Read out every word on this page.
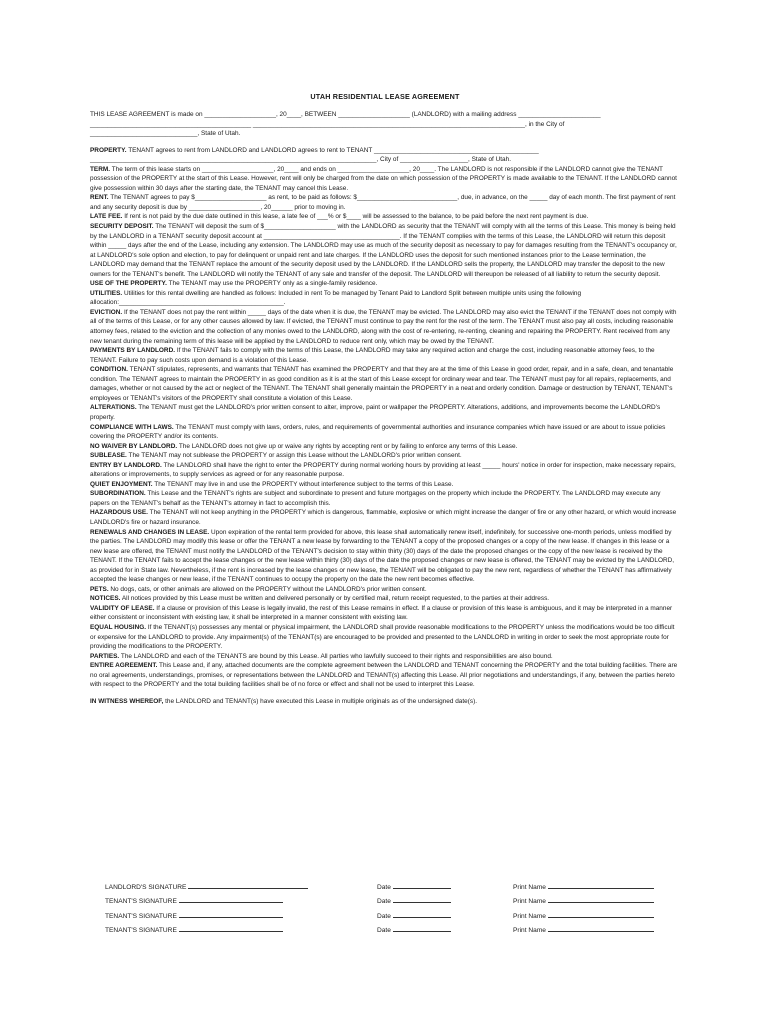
UTAH RESIDENTIAL LEASE AGREEMENT

THIS LEASE AGREEMENT is made on ____________________, 20____, BETWEEN ____________________ (LANDLORD) with a mailing address _______________________

_____________________________________________ ____________________________________________________________________________, in the City of

______________________________, State of Utah.

PROPERTY. TENANT agrees to rent from LANDLORD and LANDLORD agrees to rent to TENANT ______________________________________________ ________________________________________________________________________________, City of ___________________, State of Utah.

TERM. The term of this lease starts on ____________________, 20____ and ends on ____________________, 20____. The LANDLORD is not responsible if the LANDLORD cannot give the TENANT possession of the PROPERTY at the start of this Lease. However, rent will only be charged from the date on which possession of the PROPERTY is made available to the TENANT. If the LANDLORD cannot give possession within 30 days after the starting date, the TENANT may cancel this Lease.

RENT. The TENANT agrees to pay $____________________ as rent, to be paid as follows: $____________________________, due, in advance, on the _____ day of each month. The first payment of rent and any security deposit is due by ____________________, 20______ prior to moving in.

LATE FEE. If rent is not paid by the due date outlined in this lease, a late fee of ___% or $____ will be assessed to the balance, to be paid before the next rent payment is due.

SECURITY DEPOSIT. The TENANT will deposit the sum of $____________________ with the LANDLORD as security that the TENANT will comply with all the terms of this Lease. This money is being held by the LANDLORD in a TENANT security deposit account at ______________________________________. If the TENANT complies with the terms of this Lease, the LANDLORD will return this deposit within _____ days after the end of the Lease, including any extension. The LANDLORD may use as much of the security deposit as necessary to pay for damages resulting from the TENANT's occupancy or, at LANDLORD's sole option and election, to pay for delinquent or unpaid rent and late charges. If the LANDLORD uses the deposit for such mentioned instances prior to the Lease termination, the LANDLORD may demand that the TENANT replace the amount of the security deposit used by the LANDLORD. If the LANDLORD sells the property, the LANDLORD may transfer the deposit to the new owners for the TENANT's benefit. The LANDLORD will notify the TENANT of any sale and transfer of the deposit. The LANDLORD will thereupon be released of all liability to return the security deposit.

USE OF THE PROPERTY. The TENANT may use the PROPERTY only as a single-family residence.

UTILITIES. Utilities for this rental dwelling are handled as follows: Included in rent To be managed by Tenant Paid to Landlord Split between multiple units using the following allocation:______________________________________________.

EVICTION. If the TENANT does not pay the rent within _____ days of the date when it is due, the TENANT may be evicted. The LANDLORD may also evict the TENANT if the TENANT does not comply with all of the terms of this Lease, or for any other causes allowed by law. If evicted, the TENANT must continue to pay the rent for the rest of the term. The TENANT must also pay all costs, including reasonable attorney fees, related to the eviction and the collection of any monies owed to the LANDLORD, along with the cost of re-entering, re-renting, cleaning and repairing the PROPERTY. Rent received from any new tenant during the remaining term of this lease will be applied by the LANDLORD to reduce rent only, which may be owed by the TENANT.

PAYMENTS BY LANDLORD. If the TENANT fails to comply with the terms of this Lease, the LANDLORD may take any required action and charge the cost, including reasonable attorney fees, to the TENANT. Failure to pay such costs upon demand is a violation of this Lease.

CONDITION. TENANT stipulates, represents, and warrants that TENANT has examined the PROPERTY and that they are at the time of this Lease in good order, repair, and in a safe, clean, and tenantable condition. The TENANT agrees to maintain the PROPERTY in as good condition as it is at the start of this Lease except for ordinary wear and tear. The TENANT must pay for all repairs, replacements, and damages, whether or not caused by the act or neglect of the TENANT. The TENANT shall generally maintain the PROPERTY in a neat and orderly condition. Damage or destruction by TENANT, TENANT's employees or TENANT's visitors of the PROPERTY shall constitute a violation of this Lease.

ALTERATIONS. The TENANT must get the LANDLORD's prior written consent to alter, improve, paint or wallpaper the PROPERTY. Alterations, additions, and improvements become the LANDLORD's property.

COMPLIANCE WITH LAWS. The TENANT must comply with laws, orders, rules, and requirements of governmental authorities and insurance companies which have issued or are about to issue policies covering the PROPERTY and/or its contents.

NO WAIVER BY LANDLORD. The LANDLORD does not give up or waive any rights by accepting rent or by failing to enforce any terms of this Lease.

SUBLEASE. The TENANT may not sublease the PROPERTY or assign this Lease without the LANDLORD's prior written consent.

ENTRY BY LANDLORD. The LANDLORD shall have the right to enter the PROPERTY during normal working hours by providing at least _____ hours' notice in order for inspection, make necessary repairs, alterations or improvements, to supply services as agreed or for any reasonable purpose.

QUIET ENJOYMENT. The TENANT may live in and use the PROPERTY without interference subject to the terms of this Lease.

SUBORDINATION. This Lease and the TENANT's rights are subject and subordinate to present and future mortgages on the property which include the PROPERTY. The LANDLORD may execute any papers on the TENANT's behalf as the TENANT's attorney in fact to accomplish this.

HAZARDOUS USE. The TENANT will not keep anything in the PROPERTY which is dangerous, flammable, explosive or which might increase the danger of fire or any other hazard, or which would increase LANDLORD's fire or hazard insurance.

RENEWALS AND CHANGES IN LEASE. Upon expiration of the rental term provided for above, this lease shall automatically renew itself, indefinitely, for successive one-month periods, unless modified by the parties. The LANDLORD may modify this lease or offer the TENANT a new lease by forwarding to the TENANT a copy of the proposed changes or a copy of the new lease. If changes in this lease or a new lease are offered, the TENANT must notify the LANDLORD of the TENANT's decision to stay within thirty (30) days of the date the proposed changes or the copy of the new lease is received by the TENANT. If the TENANT fails to accept the lease changes or the new lease within thirty (30) days of the date the proposed changes or new lease is offered, the TENANT may be evicted by the LANDLORD, as provided for in State law. Nevertheless, if the rent is increased by the lease changes or new lease, the TENANT will be obligated to pay the new rent, regardless of whether the TENANT has affirmatively accepted the lease changes or new lease, if the TENANT continues to occupy the property on the date the new rent becomes effective.

PETS. No dogs, cats, or other animals are allowed on the PROPERTY without the LANDLORD's prior written consent.

NOTICES. All notices provided by this Lease must be written and delivered personally or by certified mail, return receipt requested, to the parties at their address.

VALIDITY OF LEASE. If a clause or provision of this Lease is legally invalid, the rest of this Lease remains in effect. If a clause or provision of this lease is ambiguous, and it may be interpreted in a manner either consistent or inconsistent with existing law, it shall be interpreted in a manner consistent with existing law.

EQUAL HOUSING. If the TENANT(s) possesses any mental or physical impairment, the LANDLORD shall provide reasonable modifications to the PROPERTY unless the modifications would be too difficult or expensive for the LANDLORD to provide. Any impairment(s) of the TENANT(s) are encouraged to be provided and presented to the LANDLORD in writing in order to seek the most appropriate route for providing the modifications to the PROPERTY.

PARTIES. The LANDLORD and each of the TENANTS are bound by this Lease. All parties who lawfully succeed to their rights and responsibilities are also bound.

ENTIRE AGREEMENT. This Lease and, if any, attached documents are the complete agreement between the LANDLORD and TENANT concerning the PROPERTY and the total building facilities. There are no oral agreements, understandings, promises, or representations between the LANDLORD and TENANT(s) affecting this Lease. All prior negotiations and understandings, if any, between the parties hereto with respect to the PROPERTY and the total building facilities shall be of no force or effect and shall not be used to interpret this Lease.

IN WITNESS WHEREOF, the LANDLORD and TENANT(s) have executed this Lease in multiple originals as of the undersigned date(s).

LANDLORD'S SIGNATURE	Date	Print Name
TENANT'S SIGNATURE	Date	Print Name
TENANT'S SIGNATURE	Date	Print Name
TENANT'S SIGNATURE	Date	Print Name
